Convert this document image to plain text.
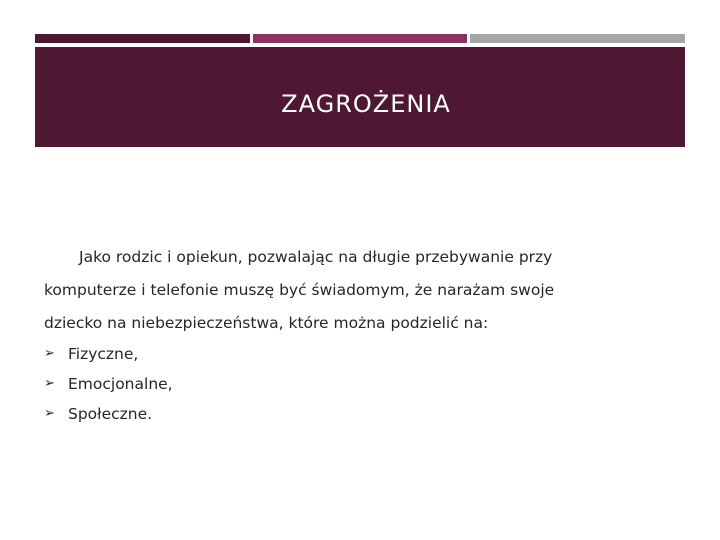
ZAGROŻENIA

Jako rodzic i opiekun, pozwalając na długie przebywanie przy
komputerze i telefonie muszę być świadomym, że narażam swoje
dziecko na niebezpieczeństwa, które można podzielić na:

➢ Fizyczne,
➢ Emocjonalne,
➢ Społeczne.
